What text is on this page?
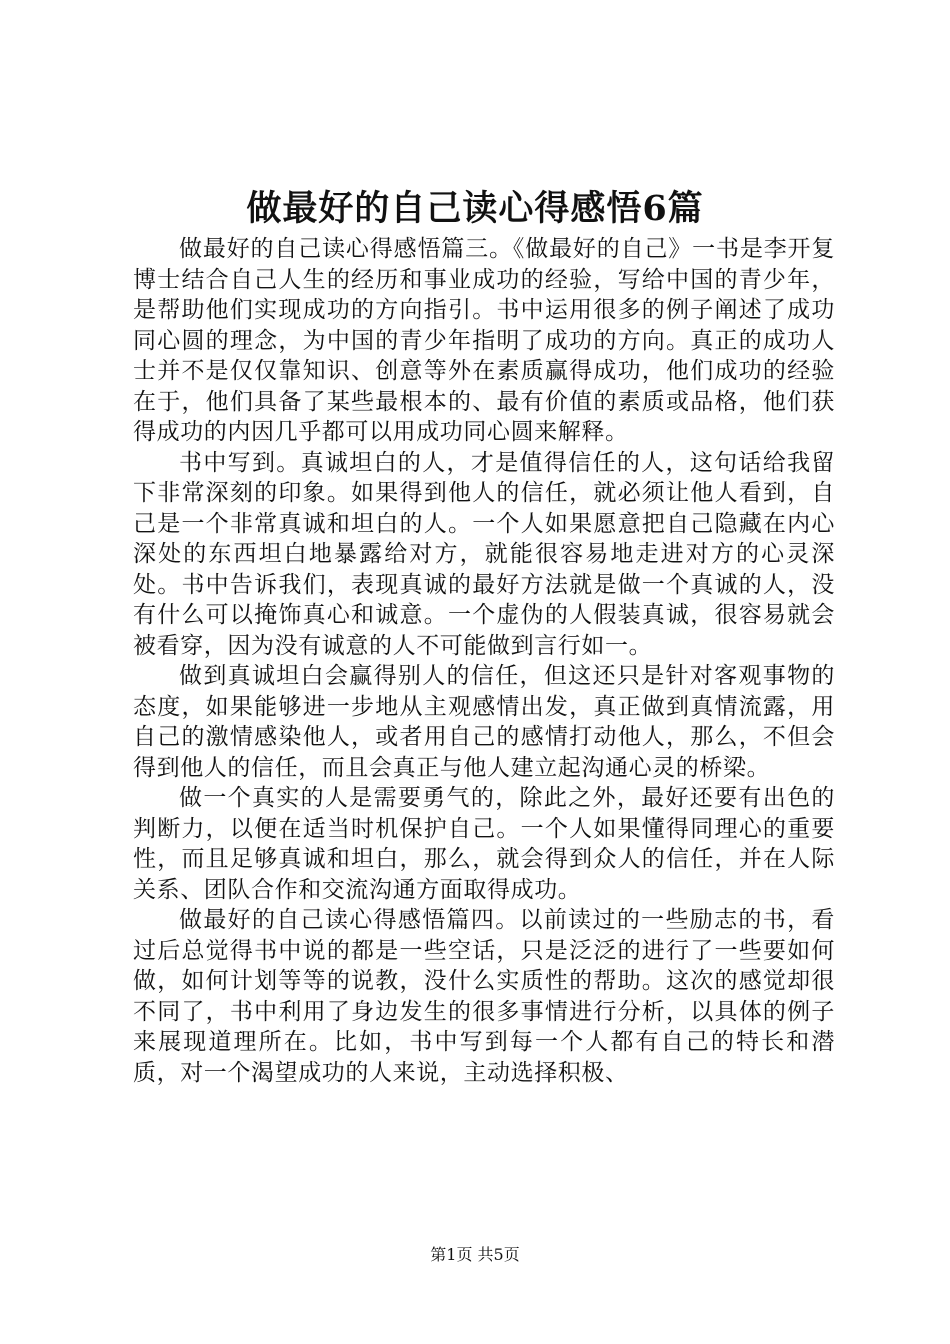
做最好的自己读心得感悟6篇

做最好的自己读心得感悟篇三。《做最好的自己》一书是李开复博士结合自己人生的经历和事业成功的经验，写给中国的青少年，是帮助他们实现成功的方向指引。书中运用很多的例子阐述了成功同心圆的理念，为中国的青少年指明了成功的方向。真正的成功人士并不是仅仅靠知识、创意等外在素质赢得成功，他们成功的经验在于，他们具备了某些最根本的、最有价值的素质或品格，他们获得成功的内因几乎都可以用成功同心圆来解释。

书中写到。真诚坦白的人，才是值得信任的人，这句话给我留下非常深刻的印象。如果得到他人的信任，就必须让他人看到，自己是一个非常真诚和坦白的人。一个人如果愿意把自己隐藏在内心深处的东西坦白地暴露给对方，就能很容易地走进对方的心灵深处。书中告诉我们，表现真诚的最好方法就是做一个真诚的人，没有什么可以掩饰真心和诚意。一个虚伪的人假装真诚，很容易就会被看穿，因为没有诚意的人不可能做到言行如一。

做到真诚坦白会赢得别人的信任，但这还只是针对客观事物的态度，如果能够进一步地从主观感情出发，真正做到真情流露，用自己的激情感染他人，或者用自己的感情打动他人，那么，不但会得到他人的信任，而且会真正与他人建立起沟通心灵的桥梁。

做一个真实的人是需要勇气的，除此之外，最好还要有出色的判断力，以便在适当时机保护自己。一个人如果懂得同理心的重要性，而且足够真诚和坦白，那么，就会得到众人的信任，并在人际关系、团队合作和交流沟通方面取得成功。

做最好的自己读心得感悟篇四。以前读过的一些励志的书，看过后总觉得书中说的都是一些空话，只是泛泛的进行了一些要如何做，如何计划等等的说教，没什么实质性的帮助。这次的感觉却很不同了，书中利用了身边发生的很多事情进行分析，以具体的例子来展现道理所在。比如，书中写到每一个人都有自己的特长和潜质，对一个渴望成功的人来说，主动选择积极、

第1页 共5页
